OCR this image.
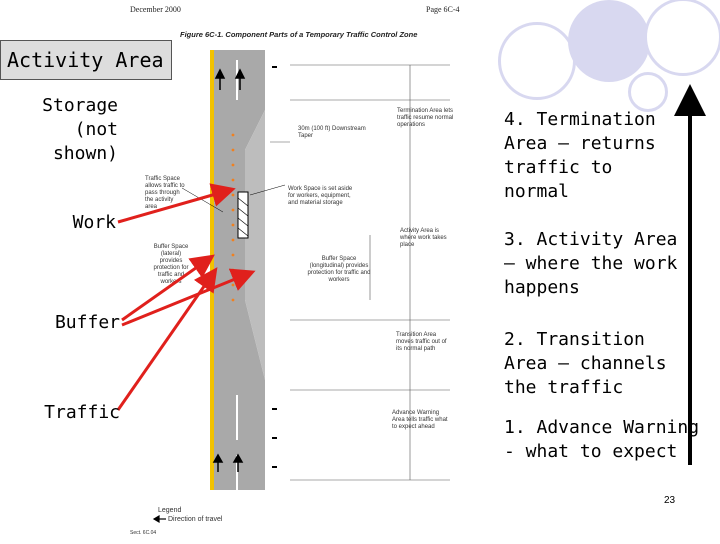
December 2000	Page 6C-4
Figure 6C-1. Component Parts of a Temporary Traffic Control Zone
30m (100 ft) Downstream Taper
Termination Area lets traffic resume normal operations
Traffic Space allows traffic to pass through the activity area
Work Space is set aside for workers, equipment, and material storage
Activity Area is where work takes place
Buffer Space (lateral) provides protection for traffic and workers
Buffer Space (longitudinal) provides protection for traffic and workers
Transition Area moves traffic out of its normal path
Advance Warning Area tells traffic what to expect ahead
Legend
Direction of travel
Sect. 6C.04
Activity Area
Storage
(not shown)
Work
Buffer
Traffic
4. Termination Area – returns traffic to normal
3. Activity Area – where the work happens
2. Transition Area – channels the traffic
1. Advance Warning - what to expect
23
